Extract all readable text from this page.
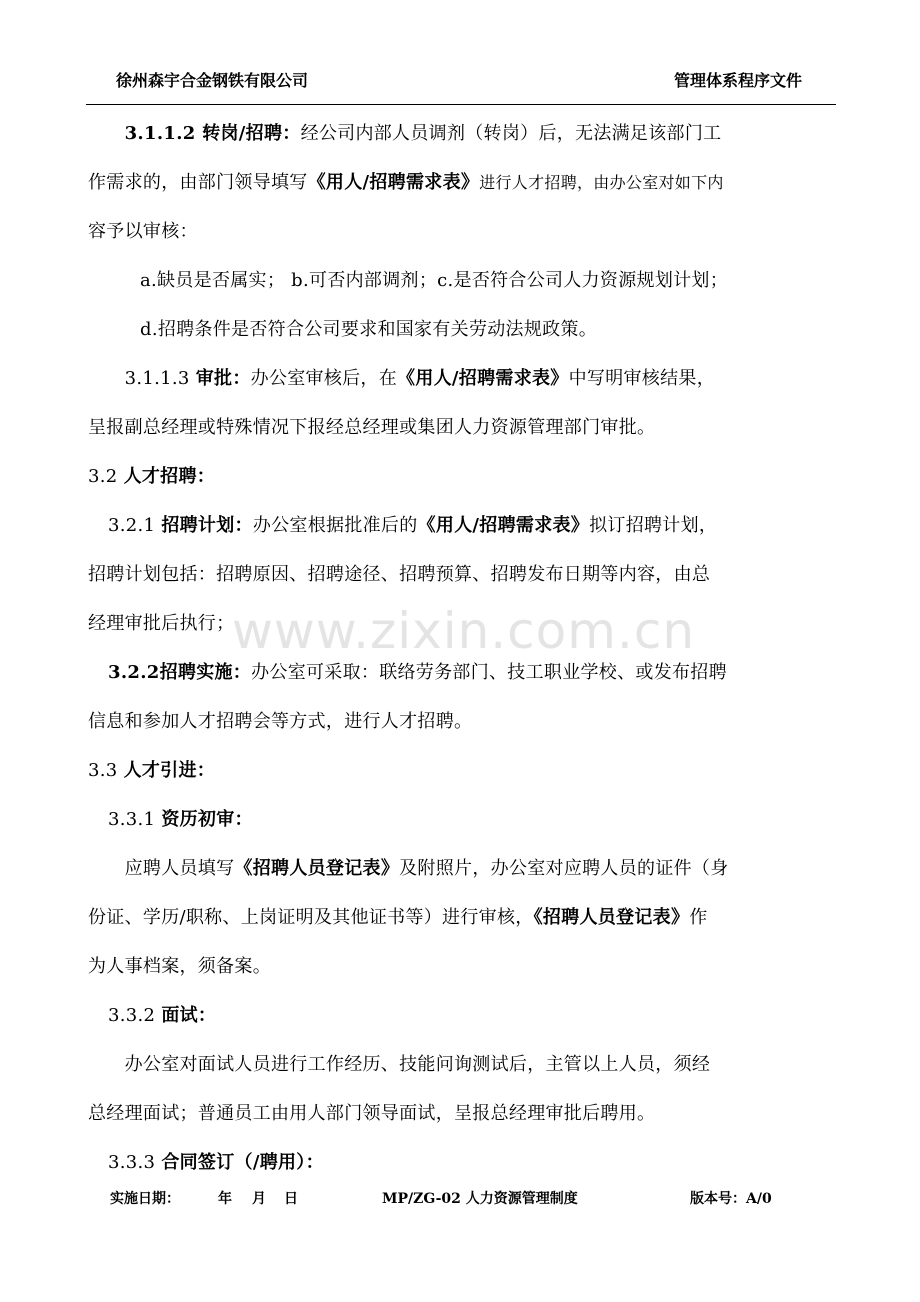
徐州森宇合金钢铁有限公司	管理体系程序文件
www.zixin.com.cn
　　3.1.1.2 转岗/招聘：经公司内部人员调剂（转岗）后，无法满足该部门工
作需求的，由部门领导填写《用人/招聘需求表》进行人才招聘，由办公室对如下内
容予以审核：
a.缺员是否属实； b.可否内部调剂；c.是否符合公司人力资源规划计划；
d.招聘条件是否符合公司要求和国家有关劳动法规政策。
　　3.1.1.3 审批：办公室审核后，在《用人/招聘需求表》中写明审核结果，
呈报副总经理或特殊情况下报经总经理或集团人力资源管理部门审批。
3.2 人才招聘：
3.2.1 招聘计划：办公室根据批准后的《用人/招聘需求表》拟订招聘计划，
招聘计划包括：招聘原因、招聘途径、招聘预算、招聘发布日期等内容，由总
经理审批后执行；
3.2.2招聘实施：办公室可采取：联络劳务部门、技工职业学校、或发布招聘
信息和参加人才招聘会等方式，进行人才招聘。
3.3 人才引进：
3.3.1 资历初审：
　　应聘人员填写《招聘人员登记表》及附照片，办公室对应聘人员的证件（身
份证、学历/职称、上岗证明及其他证书等）进行审核，《招聘人员登记表》作
为人事档案，须备案。
3.3.2 面试：
　　办公室对面试人员进行工作经历、技能问询测试后，主管以上人员，须经
总经理面试；普通员工由用人部门领导面试，呈报总经理审批后聘用。
3.3.3 合同签订（/聘用）：
实施日期：	年 月 日	MP/ZG-02 人力资源管理制度	版本号：A/0
